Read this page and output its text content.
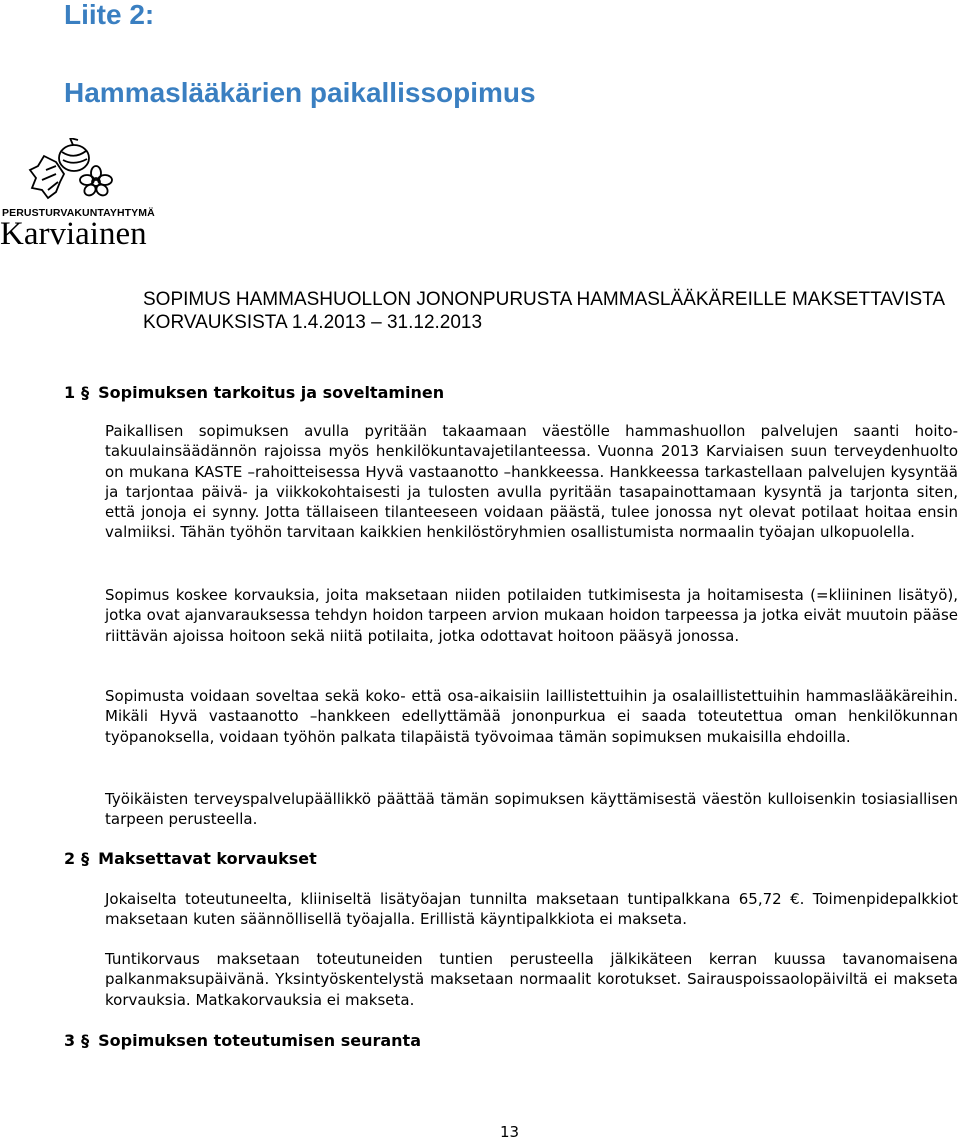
Liite 2:
Hammaslääkärien paikallissopimus
PERUSTURVAKUNTAYHTYMÄ
Karviainen
SOPIMUS HAMMASHUOLLON JONONPURUSTA HAMMASLÄÄKÄREILLE MAKSETTAVISTA KORVAUKSISTA 1.4.2013 – 31.12.2013
1 § Sopimuksen tarkoitus ja soveltaminen

Paikallisen sopimuksen avulla pyritään takaamaan väestölle hammashuollon palvelujen saanti hoitotakuulainsäädännön rajoissa myös henkilökuntavajetilanteessa. Vuonna 2013 Karviaisen suun terveydenhuolto on mukana KASTE –rahoitteisessa Hyvä vastaanotto –hankkeessa. Hankkeessa tarkastellaan palvelujen kysyntää ja tarjontaa päivä- ja viikkokohtaisesti ja tulosten avulla pyritään tasapainottamaan kysyntä ja tarjonta siten, että jonoja ei synny. Jotta tällaiseen tilanteeseen voidaan päästä, tulee jonossa nyt olevat potilaat hoitaa ensin valmiiksi. Tähän työhön tarvitaan kaikkien henkilöstöryhmien osallistumista normaalin työajan ulkopuolella.

Sopimus koskee korvauksia, joita maksetaan niiden potilaiden tutkimisesta ja hoitamisesta (=kliininen lisätyö), jotka ovat ajanvarauksessa tehdyn hoidon tarpeen arvion mukaan hoidon tarpeessa ja jotka eivät muutoin pääse riittävän ajoissa hoitoon sekä niitä potilaita, jotka odottavat hoitoon pääsyä jonossa.

Sopimusta voidaan soveltaa sekä koko- että osa-aikaisiin laillistettuihin ja osalaillistettuihin hammaslääkäreihin. Mikäli Hyvä vastaanotto –hankkeen edellyttämää jononpurkua ei saada toteutettua oman henkilökunnan työpanoksella, voidaan työhön palkata tilapäistä työvoimaa tämän sopimuksen mukaisilla ehdoilla.

Työikäisten terveyspalvelupäällikkö päättää tämän sopimuksen käyttämisestä väestön kulloisenkin tosiasiallisen tarpeen perusteella.

2 § Maksettavat korvaukset

Jokaiselta toteutuneelta, kliiniseltä lisätyöajan tunnilta maksetaan tuntipalkkana 65,72 €. Toimenpidepalkkiot maksetaan kuten säännöllisellä työajalla. Erillistä käyntipalkkiota ei makseta.

Tuntikorvaus maksetaan toteutuneiden tuntien perusteella jälkikäteen kerran kuussa tavanomaisena palkanmaksupäivänä. Yksintyöskentelystä maksetaan normaalit korotukset. Sairauspoissaolopäiviltä ei makseta korvauksia. Matkakorvauksia ei makseta.

3 § Sopimuksen toteutumisen seuranta
13
